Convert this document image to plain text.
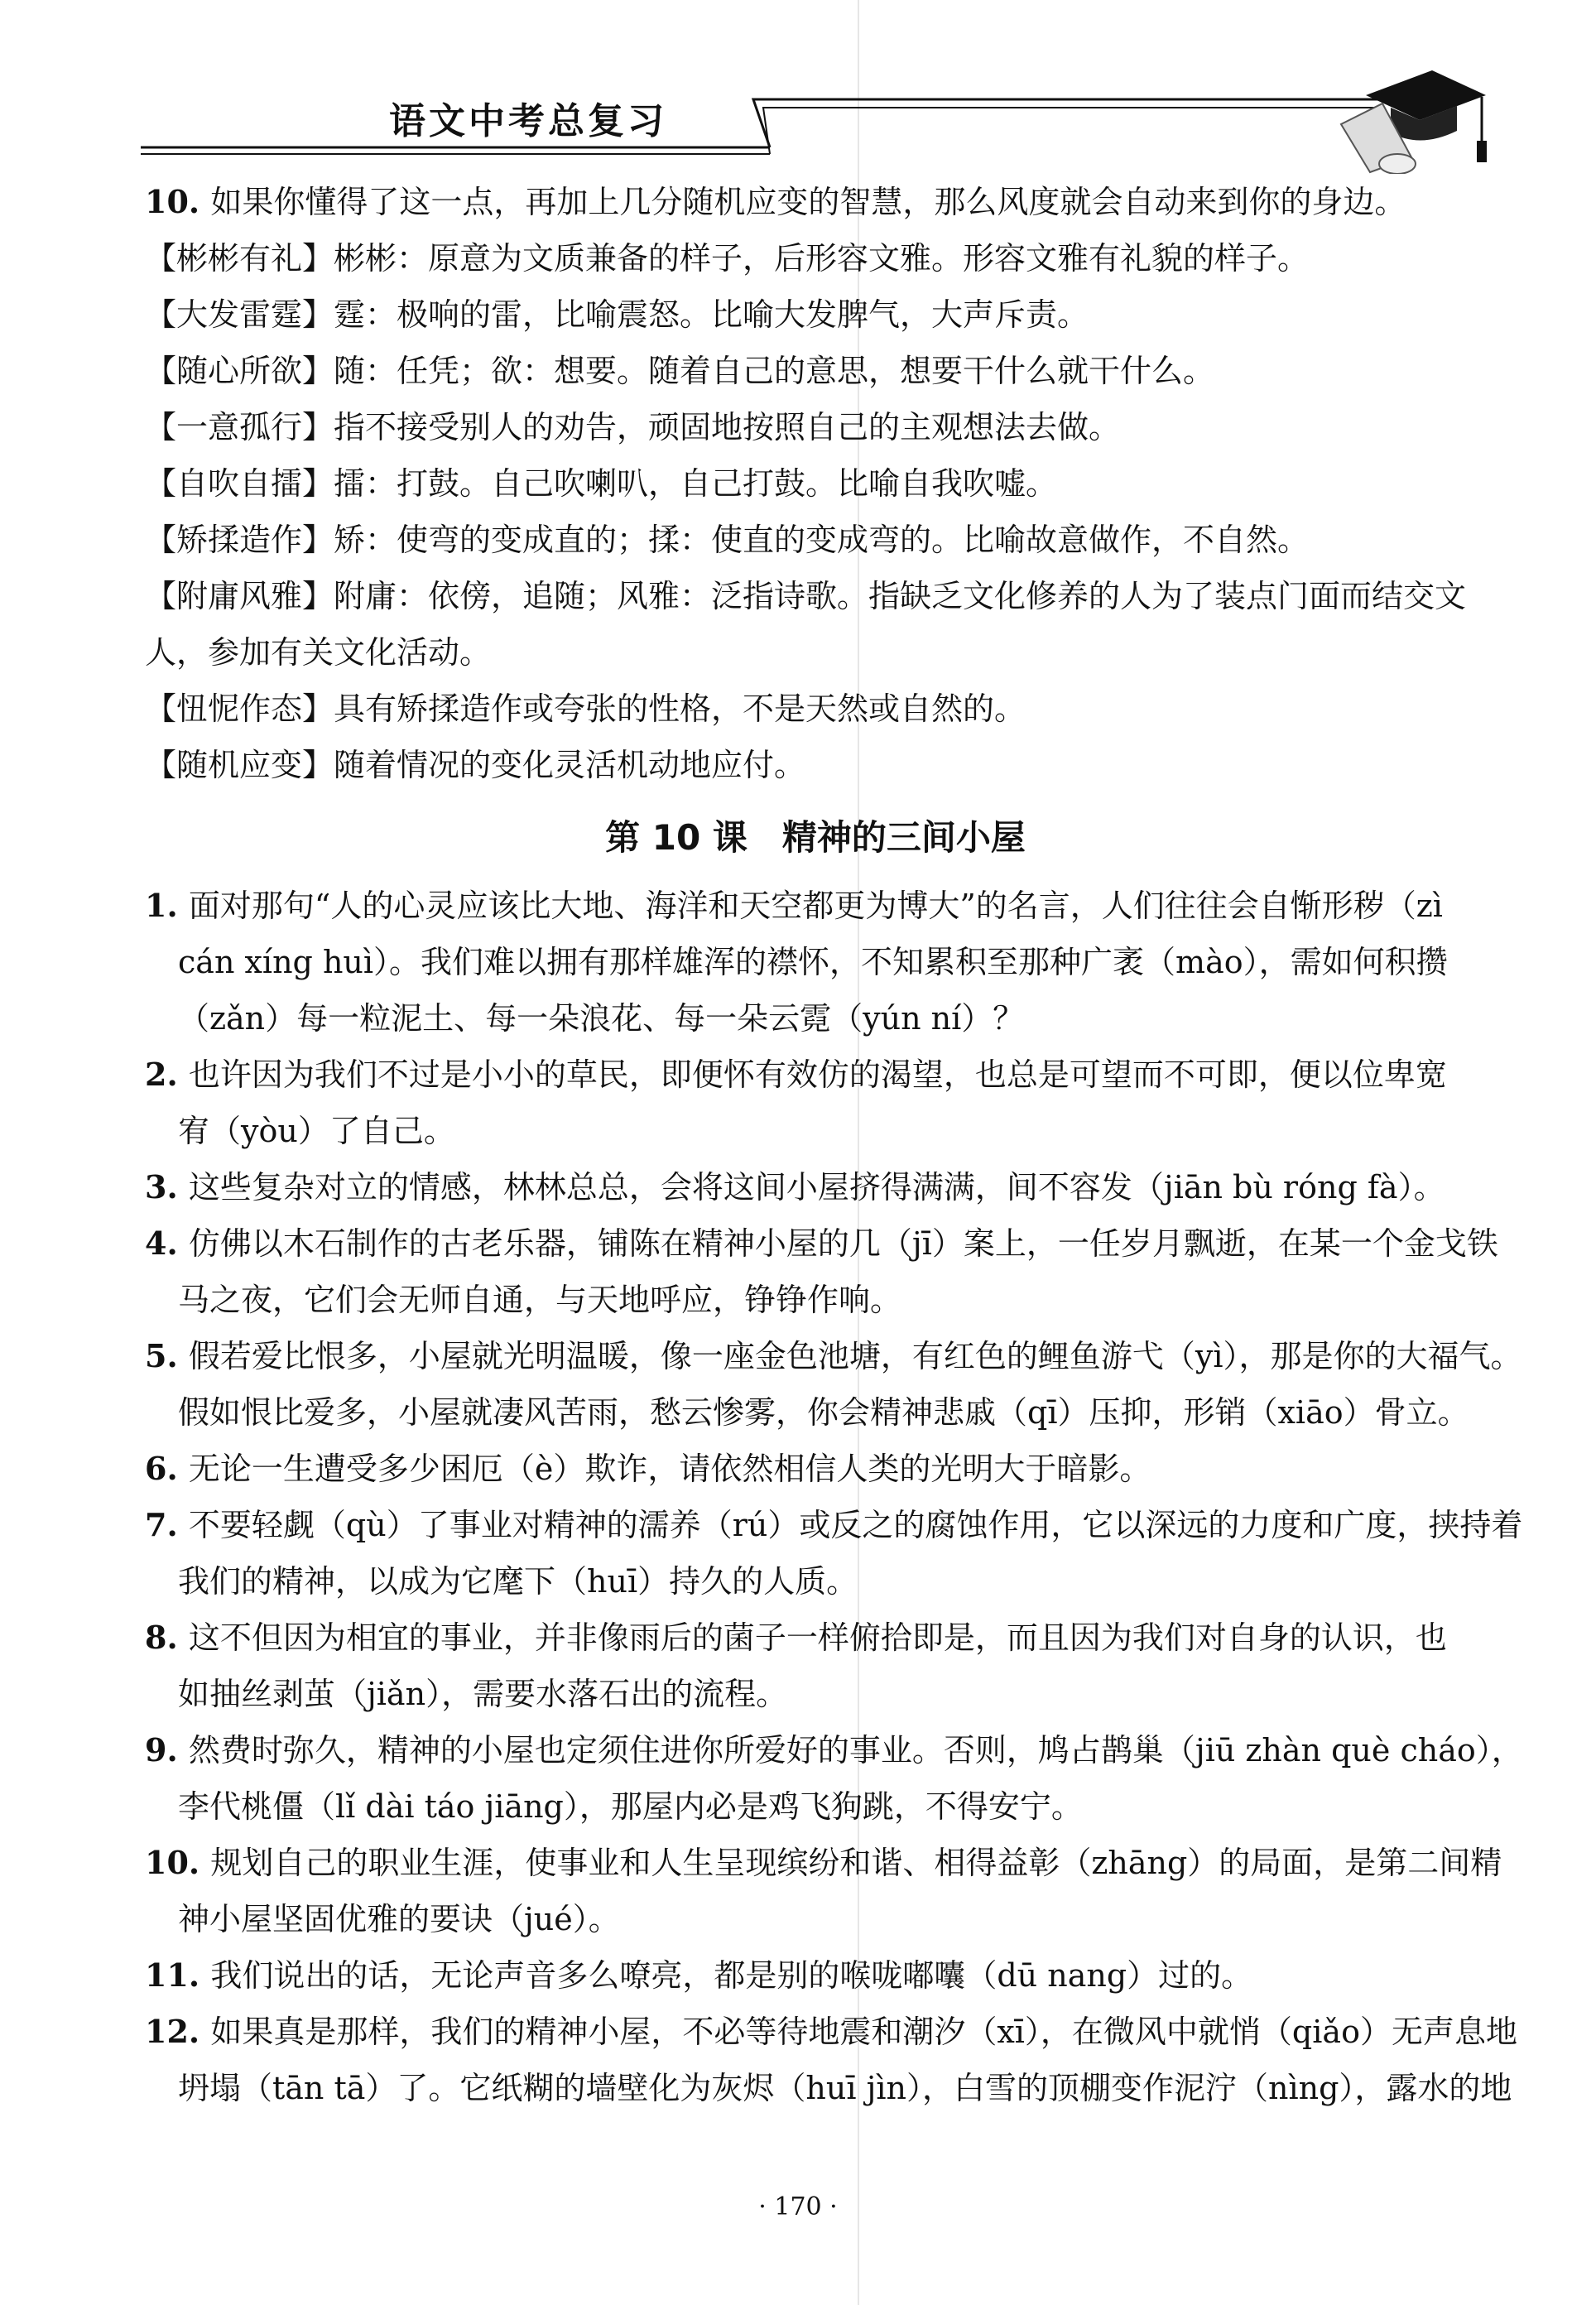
语文中考总复习
10. 如果你懂得了这一点，再加上几分随机应变的智慧，那么风度就会自动来到你的身边。
【彬彬有礼】彬彬：原意为文质兼备的样子，后形容文雅。形容文雅有礼貌的样子。
【大发雷霆】霆：极响的雷，比喻震怒。比喻大发脾气，大声斥责。
【随心所欲】随：任凭；欲：想要。随着自己的意思，想要干什么就干什么。
【一意孤行】指不接受别人的劝告，顽固地按照自己的主观想法去做。
【自吹自擂】擂：打鼓。自己吹喇叭，自己打鼓。比喻自我吹嘘。
【矫揉造作】矫：使弯的变成直的；揉：使直的变成弯的。比喻故意做作，不自然。
【附庸风雅】附庸：依傍，追随；风雅：泛指诗歌。指缺乏文化修养的人为了装点门面而结交文
人，参加有关文化活动。
【忸怩作态】具有矫揉造作或夸张的性格，不是天然或自然的。
【随机应变】随着情况的变化灵活机动地应付。
第 10 课　精神的三间小屋
1. 面对那句“人的心灵应该比大地、海洋和天空都更为博大”的名言，人们往往会自惭形秽（zì
cán xíng huì）。我们难以拥有那样雄浑的襟怀，不知累积至那种广袤（mào），需如何积攒
（zǎn）每一粒泥土、每一朵浪花、每一朵云霓（yún ní）？
2. 也许因为我们不过是小小的草民，即便怀有效仿的渴望，也总是可望而不可即，便以位卑宽
宥（yòu）了自己。
3. 这些复杂对立的情感，林林总总，会将这间小屋挤得满满，间不容发（jiān bù róng fà）。
4. 仿佛以木石制作的古老乐器，铺陈在精神小屋的几（jī）案上，一任岁月飘逝，在某一个金戈铁
马之夜，它们会无师自通，与天地呼应，铮铮作响。
5. 假若爱比恨多，小屋就光明温暖，像一座金色池塘，有红色的鲤鱼游弋（yì），那是你的大福气。
假如恨比爱多，小屋就凄风苦雨，愁云惨雾，你会精神悲戚（qī）压抑，形销（xiāo）骨立。
6. 无论一生遭受多少困厄（è）欺诈，请依然相信人类的光明大于暗影。
7. 不要轻觑（qù）了事业对精神的濡养（rú）或反之的腐蚀作用，它以深远的力度和广度，挟持着
我们的精神，以成为它麾下（huī）持久的人质。
8. 这不但因为相宜的事业，并非像雨后的菌子一样俯拾即是，而且因为我们对自身的认识，也
如抽丝剥茧（jiǎn），需要水落石出的流程。
9. 然费时弥久，精神的小屋也定须住进你所爱好的事业。否则，鸠占鹊巢（jiū zhàn què cháo），
李代桃僵（lǐ dài táo jiāng），那屋内必是鸡飞狗跳，不得安宁。
10. 规划自己的职业生涯，使事业和人生呈现缤纷和谐、相得益彰（zhāng）的局面，是第二间精
神小屋坚固优雅的要诀（jué）。
11. 我们说出的话，无论声音多么嘹亮，都是别的喉咙嘟囔（dū nang）过的。
12. 如果真是那样，我们的精神小屋，不必等待地震和潮汐（xī），在微风中就悄（qiǎo）无声息地
坍塌（tān tā）了。它纸糊的墙壁化为灰烬（huī jìn），白雪的顶棚变作泥泞（nìng），露水的地
· 170 ·
